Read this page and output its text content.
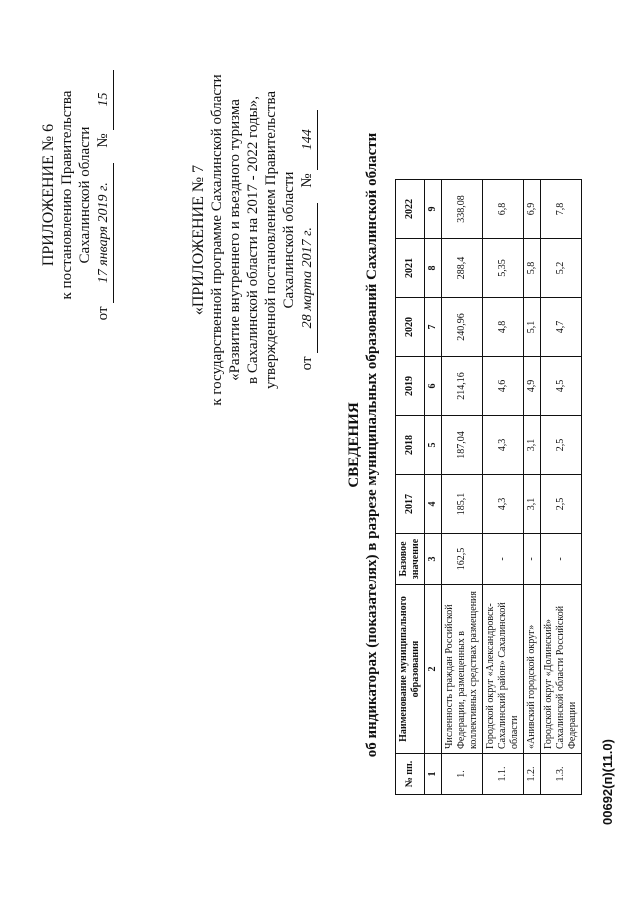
ПРИЛОЖЕНИЕ № 6 к постановлению Правительства Сахалинской области
от 17 января 2019 г.    № 15
«ПРИЛОЖЕНИЕ № 7 к государственной программе Сахалинской области «Развитие внутреннего и въездного туризма в Сахалинской области на 2017 - 2022 годы», утвержденной постановлением Правительства Сахалинской области
от 28 марта 2017 г.    № 144
СВЕДЕНИЯ об индикаторах (показателях) в разрезе муниципальных образований Сахалинской области
№ пп.	Наименование муниципального образования	Базовое значение	2017	2018	2019	2020	2021	2022
1	2	3	4	5	6	7	8	9
1.	Численность граждан Российской Федерации, размещенных в коллективных средствах размещения	162,5	185,1	187,04	214,16	240,96	288,4	338,08
1.1.	Городской округ «Александровск-Сахалинский район» Сахалинской области	-	4,3	4,3	4,6	4,8	5,35	6,8
1.2.	«Анивский городской округ»	-	3,1	3,1	4,9	5,1	5,8	6,9
1.3.	Городской округ «Долинский» Сахалинской области Российской Федерации	-	2,5	2,5	4,5	4,7	5,2	7,8
00692(п)(11.0)
